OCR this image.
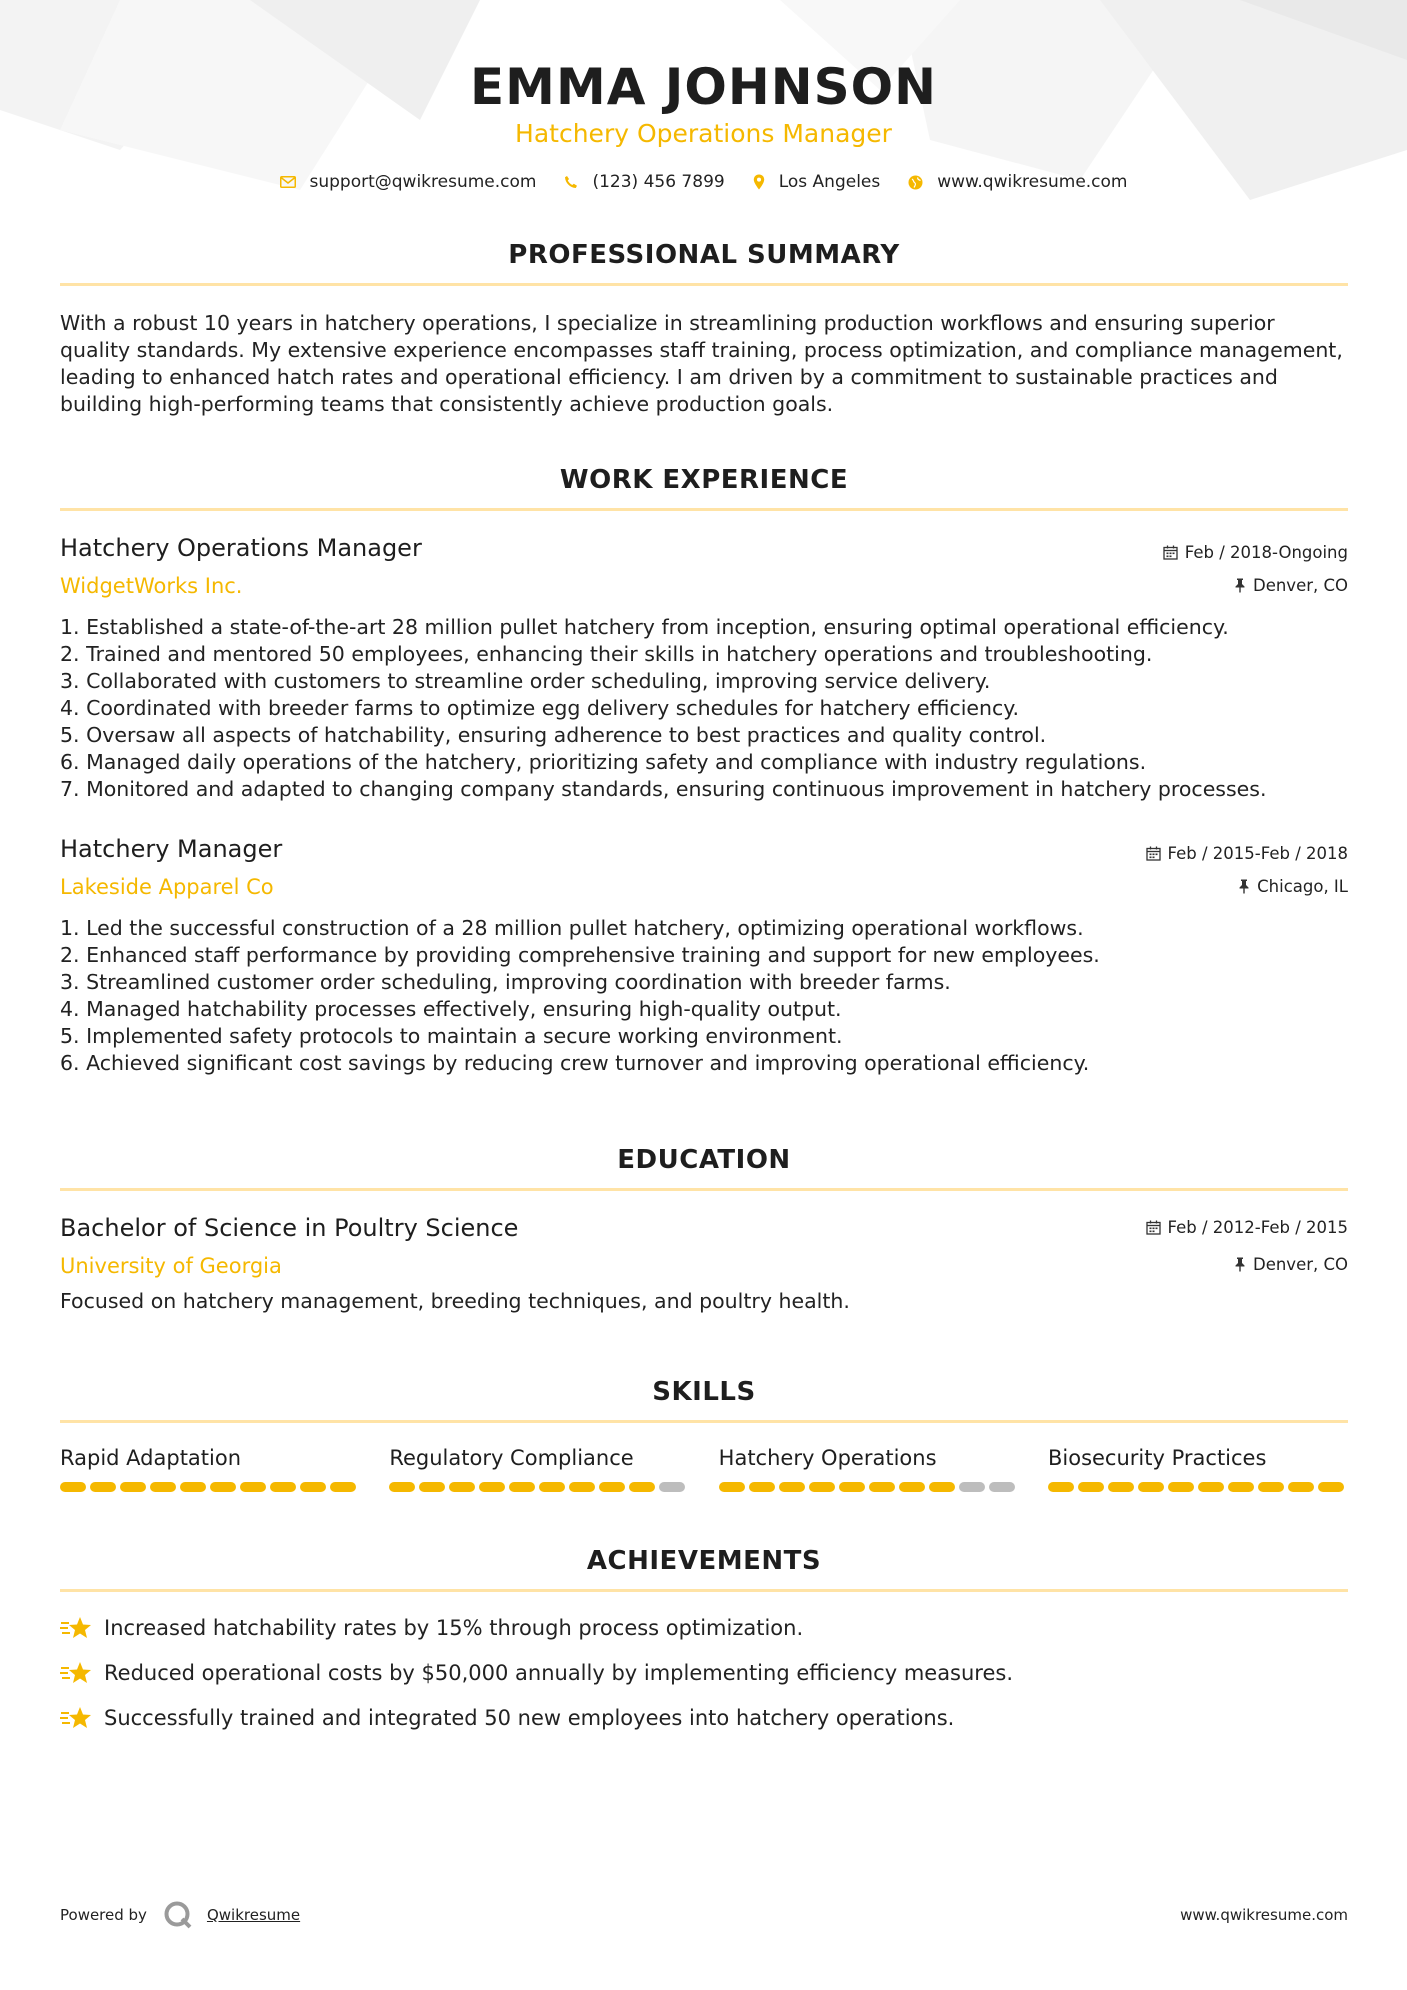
EMMA JOHNSON
Hatchery Operations Manager
support@qwikresume.com	(123) 456 7899	Los Angeles	www.qwikresume.com
PROFESSIONAL SUMMARY
With a robust 10 years in hatchery operations, I specialize in streamlining production workflows and ensuring superior quality standards. My extensive experience encompasses staff training, process optimization, and compliance management, leading to enhanced hatch rates and operational efficiency. I am driven by a commitment to sustainable practices and building high-performing teams that consistently achieve production goals.
WORK EXPERIENCE
Hatchery Operations Manager
WidgetWorks Inc.
Feb / 2018-Ongoing
Denver, CO
1. Established a state-of-the-art 28 million pullet hatchery from inception, ensuring optimal operational efficiency.
2. Trained and mentored 50 employees, enhancing their skills in hatchery operations and troubleshooting.
3. Collaborated with customers to streamline order scheduling, improving service delivery.
4. Coordinated with breeder farms to optimize egg delivery schedules for hatchery efficiency.
5. Oversaw all aspects of hatchability, ensuring adherence to best practices and quality control.
6. Managed daily operations of the hatchery, prioritizing safety and compliance with industry regulations.
7. Monitored and adapted to changing company standards, ensuring continuous improvement in hatchery processes.
Hatchery Manager
Lakeside Apparel Co
Feb / 2015-Feb / 2018
Chicago, IL
1. Led the successful construction of a 28 million pullet hatchery, optimizing operational workflows.
2. Enhanced staff performance by providing comprehensive training and support for new employees.
3. Streamlined customer order scheduling, improving coordination with breeder farms.
4. Managed hatchability processes effectively, ensuring high-quality output.
5. Implemented safety protocols to maintain a secure working environment.
6. Achieved significant cost savings by reducing crew turnover and improving operational efficiency.
EDUCATION
Bachelor of Science in Poultry Science
University of Georgia
Feb / 2012-Feb / 2015
Denver, CO
Focused on hatchery management, breeding techniques, and poultry health.
SKILLS
Rapid Adaptation	Regulatory Compliance	Hatchery Operations	Biosecurity Practices
ACHIEVEMENTS
Increased hatchability rates by 15% through process optimization.
Reduced operational costs by $50,000 annually by implementing efficiency measures.
Successfully trained and integrated 50 new employees into hatchery operations.
Powered by	Qwikresume	www.qwikresume.com
